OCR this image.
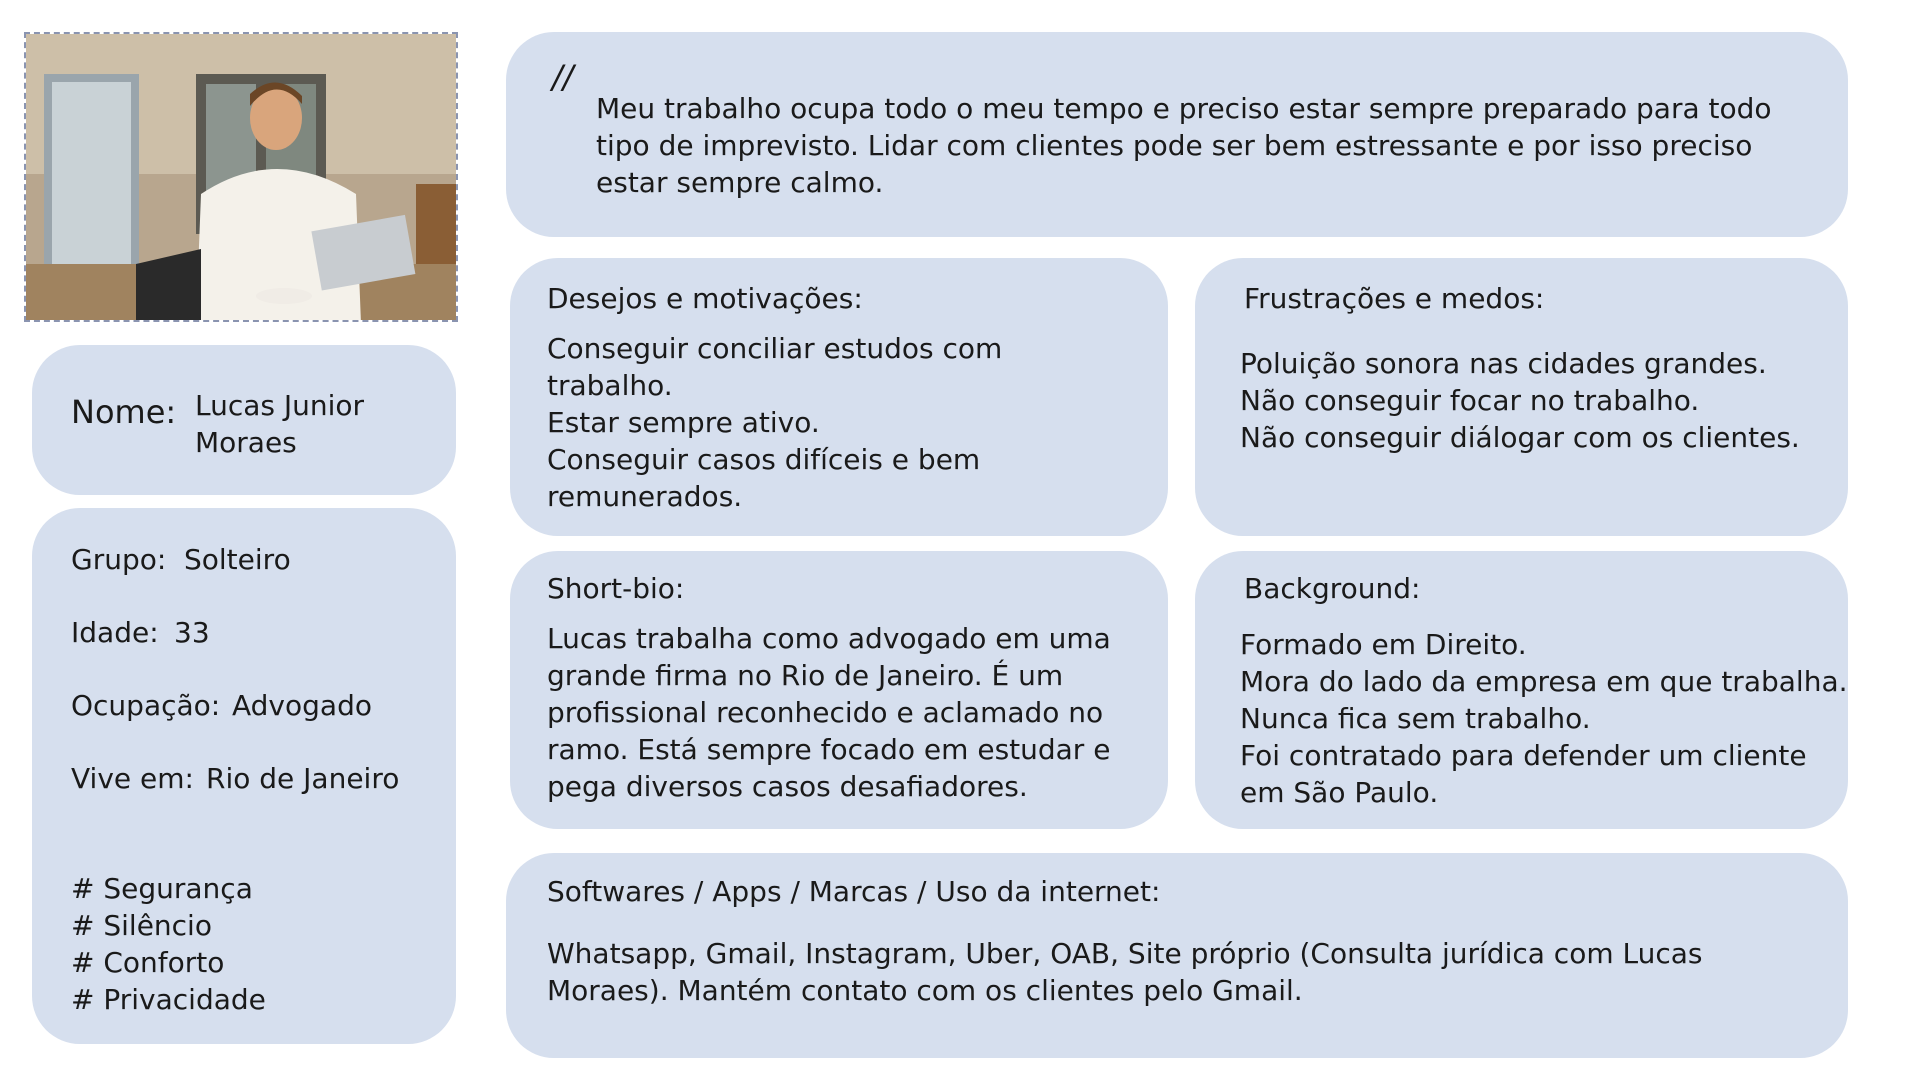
//
Meu trabalho ocupa todo o meu tempo e preciso estar sempre preparado para todo
tipo de imprevisto. Lidar com clientes pode ser bem estressante e por isso preciso
estar sempre calmo.
Nome: Lucas Junior
Moraes
Grupo: Solteiro
Idade: 33
Ocupação: Advogado
Vive em: Rio de Janeiro
# Segurança
# Silêncio
# Conforto
# Privacidade
Desejos e motivações:
Conseguir conciliar estudos com
trabalho.
Estar sempre ativo.
Conseguir casos difíceis e bem
remunerados.
Frustrações e medos:
Poluição sonora nas cidades grandes.
Não conseguir focar no trabalho.
Não conseguir diálogar com os clientes.
Short-bio:
Lucas trabalha como advogado em uma
grande firma no Rio de Janeiro. É um
profissional reconhecido e aclamado no
ramo. Está sempre focado em estudar e
pega diversos casos desafiadores.
Background:
Formado em Direito.
Mora do lado da empresa em que trabalha.
Nunca fica sem trabalho.
Foi contratado para defender um cliente
em São Paulo.
Softwares / Apps / Marcas / Uso da internet:
Whatsapp, Gmail, Instagram, Uber, OAB, Site próprio (Consulta jurídica com Lucas
Moraes). Mantém contato com os clientes pelo Gmail.
